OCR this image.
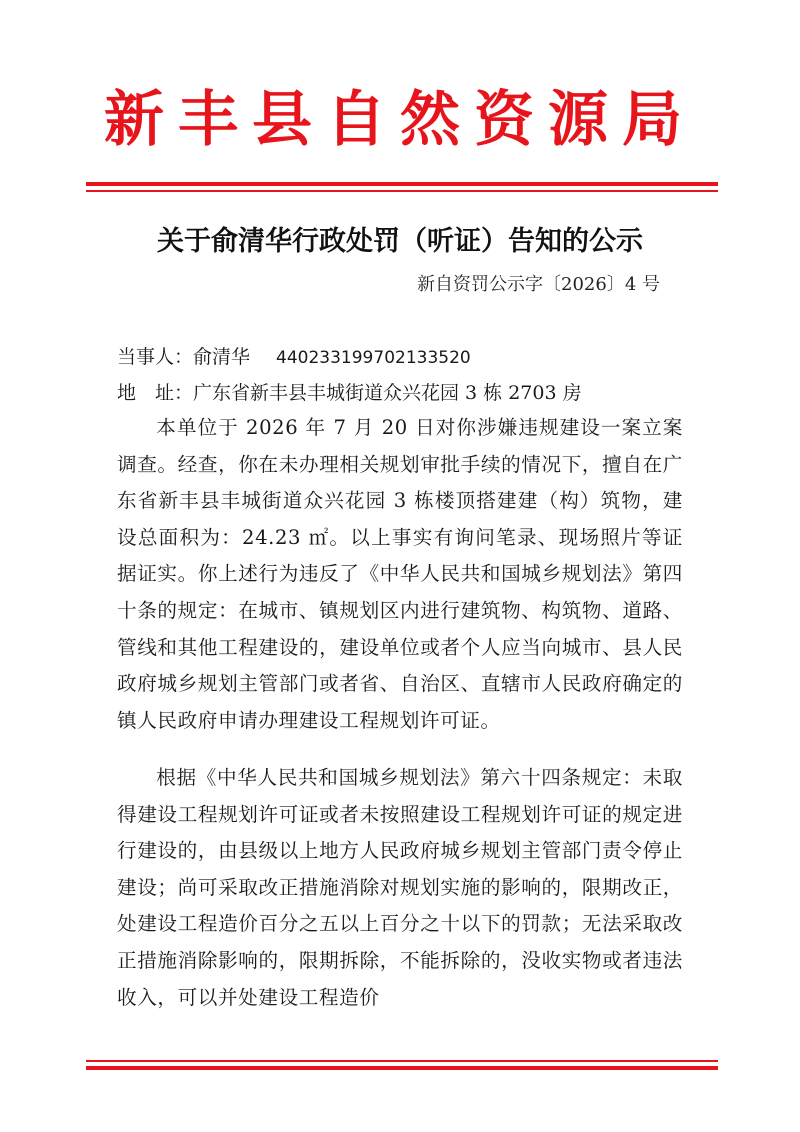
新丰县自然资源局
关于俞清华行政处罚（听证）告知的公示
新自资罚公示字〔2026〕4 号
当事人：俞清华 440233199702133520
地　址：广东省新丰县丰城街道众兴花园 3 栋 2703 房

本单位于 2026 年 7 月 20 日对你涉嫌违规建设一案立案调查。经查，你在未办理相关规划审批手续的情况下，擅自在广东省新丰县丰城街道众兴花园 3 栋楼顶搭建建（构）筑物，建设总面积为：24.23 ㎡。以上事实有询问笔录、现场照片等证据证实。你上述行为违反了《中华人民共和国城乡规划法》第四十条的规定：在城市、镇规划区内进行建筑物、构筑物、道路、管线和其他工程建设的，建设单位或者个人应当向城市、县人民政府城乡规划主管部门或者省、自治区、直辖市人民政府确定的镇人民政府申请办理建设工程规划许可证。

根据《中华人民共和国城乡规划法》第六十四条规定：未取得建设工程规划许可证或者未按照建设工程规划许可证的规定进行建设的，由县级以上地方人民政府城乡规划主管部门责令停止建设；尚可采取改正措施消除对规划实施的影响的，限期改正，处建设工程造价百分之五以上百分之十以下的罚款；无法采取改正措施消除影响的，限期拆除，不能拆除的，没收实物或者违法收入，可以并处建设工程造价
